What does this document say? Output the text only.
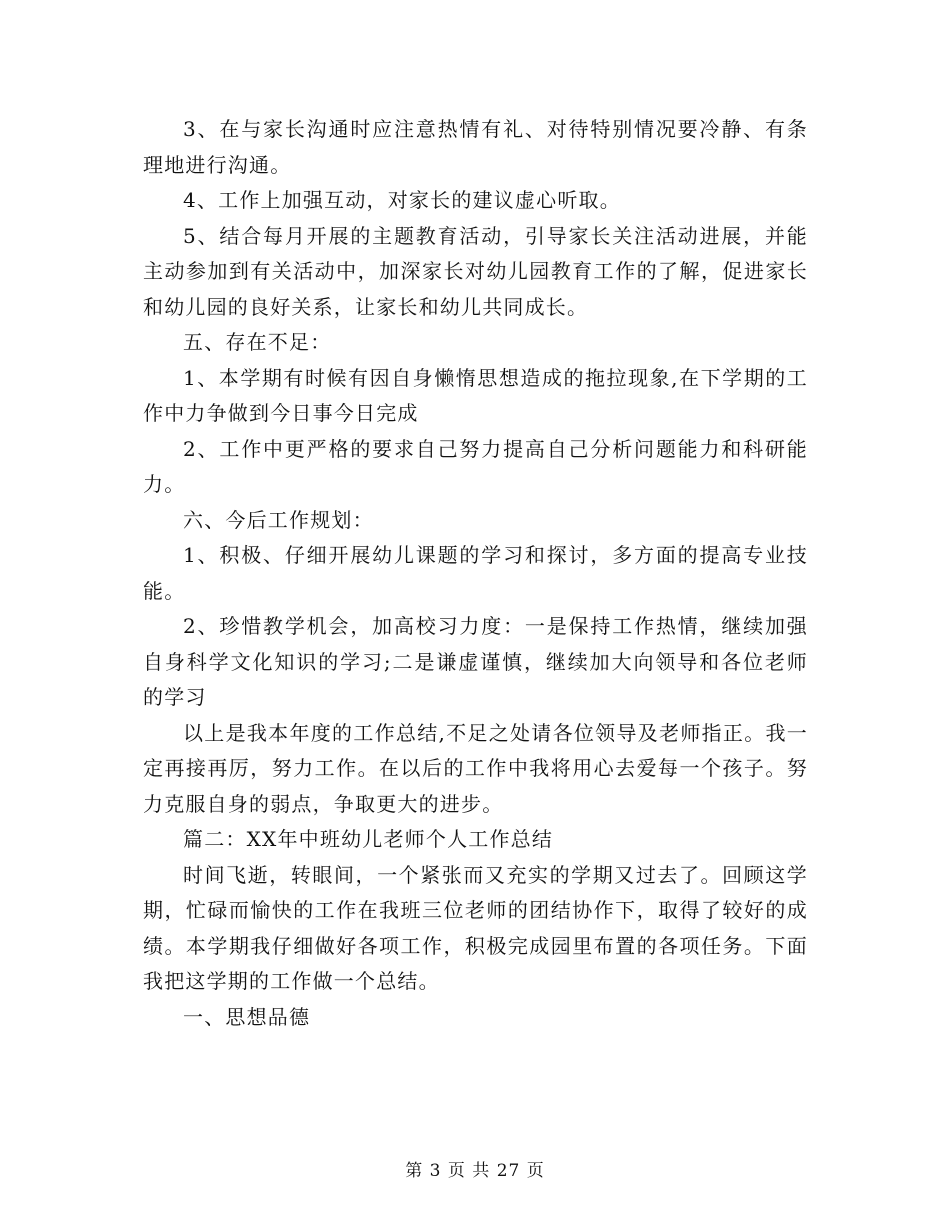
3、在与家长沟通时应注意热情有礼、对待特别情况要冷静、有条理地进行沟通。

4、工作上加强互动，对家长的建议虚心听取。

5、结合每月开展的主题教育活动，引导家长关注活动进展，并能主动参加到有关活动中，加深家长对幼儿园教育工作的了解，促进家长和幼儿园的良好关系，让家长和幼儿共同成长。

五、存在不足：

1、本学期有时候有因自身懒惰思想造成的拖拉现象,在下学期的工作中力争做到今日事今日完成

2、工作中更严格的要求自己努力提高自己分析问题能力和科研能力。

六、今后工作规划：

1、积极、仔细开展幼儿课题的学习和探讨，多方面的提高专业技能。

2、珍惜教学机会，加高校习力度：一是保持工作热情，继续加强自身科学文化知识的学习;二是谦虚谨慎，继续加大向领导和各位老师的学习

以上是我本年度的工作总结,不足之处请各位领导及老师指正。我一定再接再厉，努力工作。在以后的工作中我将用心去爱每一个孩子。努力克服自身的弱点，争取更大的进步。

篇二：XX年中班幼儿老师个人工作总结

时间飞逝，转眼间，一个紧张而又充实的学期又过去了。回顾这学期，忙碌而愉快的工作在我班三位老师的团结协作下，取得了较好的成绩。本学期我仔细做好各项工作，积极完成园里布置的各项任务。下面我把这学期的工作做一个总结。

一、思想品德

第 3 页 共 27 页
